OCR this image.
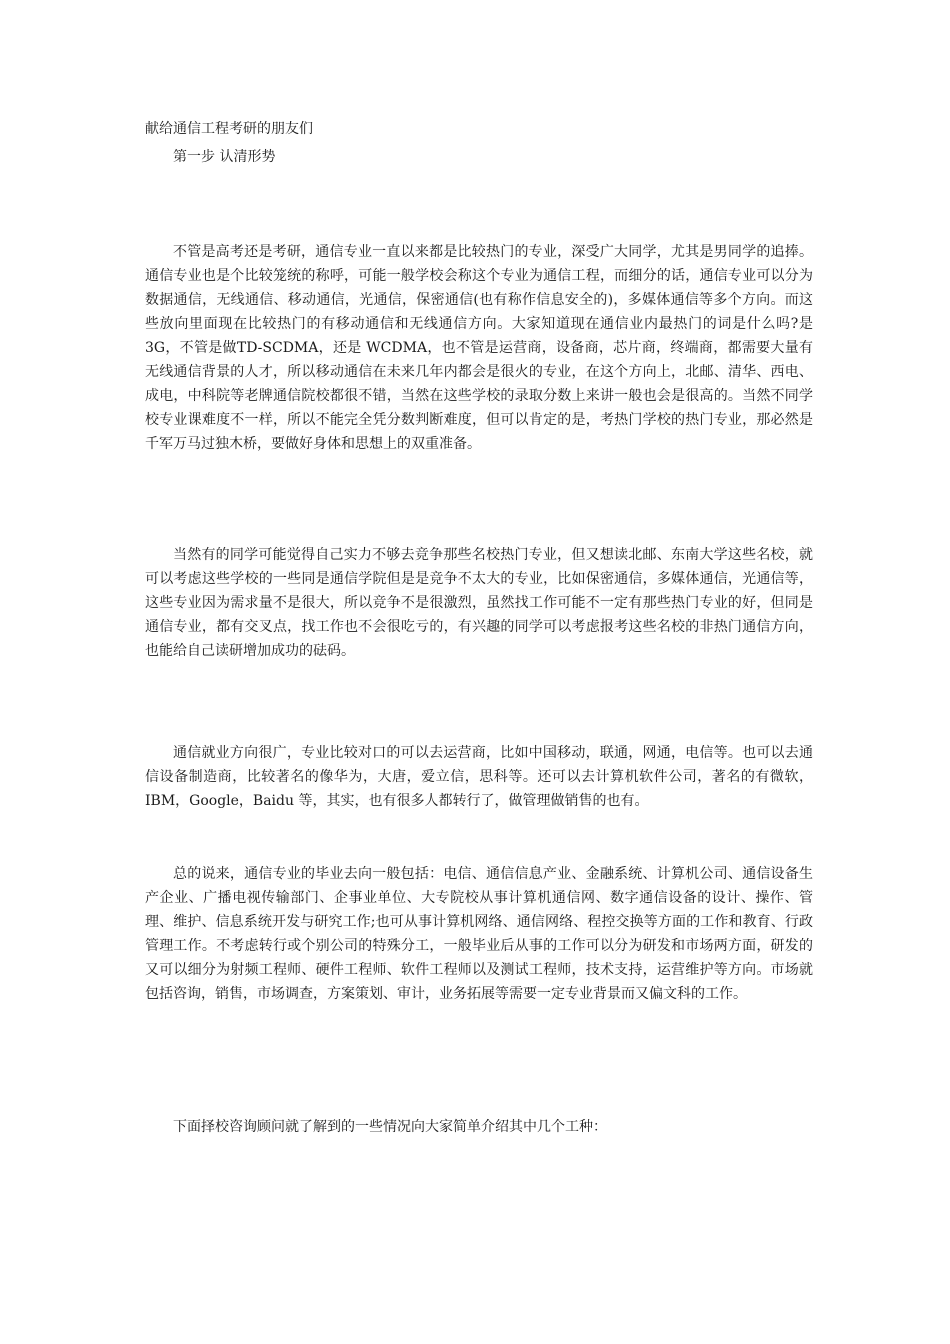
献给通信工程考研的朋友们
第一步 认清形势

不管是高考还是考研，通信专业一直以来都是比较热门的专业，深受广大同学，尤其是男同学的追捧。通信专业也是个比较笼统的称呼，可能一般学校会称这个专业为通信工程，而细分的话，通信专业可以分为数据通信，无线通信、移动通信，光通信，保密通信(也有称作信息安全的)，多媒体通信等多个方向。而这些放向里面现在比较热门的有移动通信和无线通信方向。大家知道现在通信业内最热门的词是什么吗?是 3G，不管是做TD-SCDMA，还是 WCDMA，也不管是运营商，设备商，芯片商，终端商，都需要大量有无线通信背景的人才，所以移动通信在未来几年内都会是很火的专业，在这个方向上，北邮、清华、西电、成电，中科院等老牌通信院校都很不错，当然在这些学校的录取分数上来讲一般也会是很高的。当然不同学校专业课难度不一样，所以不能完全凭分数判断难度，但可以肯定的是，考热门学校的热门专业，那必然是千军万马过独木桥，要做好身体和思想上的双重准备。

当然有的同学可能觉得自己实力不够去竞争那些名校热门专业，但又想读北邮、东南大学这些名校，就可以考虑这些学校的一些同是通信学院但是是竞争不太大的专业，比如保密通信，多媒体通信，光通信等，这些专业因为需求量不是很大，所以竞争不是很激烈，虽然找工作可能不一定有那些热门专业的好，但同是通信专业，都有交叉点，找工作也不会很吃亏的，有兴趣的同学可以考虑报考这些名校的非热门通信方向，也能给自己读研增加成功的砝码。

通信就业方向很广，专业比较对口的可以去运营商，比如中国移动，联通，网通，电信等。也可以去通信设备制造商，比较著名的像华为，大唐，爱立信，思科等。还可以去计算机软件公司，著名的有微软，IBM，Google，Baidu 等，其实，也有很多人都转行了，做管理做销售的也有。

总的说来，通信专业的毕业去向一般包括：电信、通信信息产业、金融系统、计算机公司、通信设备生产企业、广播电视传输部门、企事业单位、大专院校从事计算机通信网、数字通信设备的设计、操作、管理、维护、信息系统开发与研究工作;也可从事计算机网络、通信网络、程控交换等方面的工作和教育、行政管理工作。不考虑转行或个别公司的特殊分工，一般毕业后从事的工作可以分为研发和市场两方面，研发的又可以细分为射频工程师、硬件工程师、软件工程师以及测试工程师，技术支持，运营维护等方向。市场就包括咨询，销售，市场调查，方案策划、审计，业务拓展等需要一定专业背景而又偏文科的工作。

下面择校咨询顾问就了解到的一些情况向大家简单介绍其中几个工种：
